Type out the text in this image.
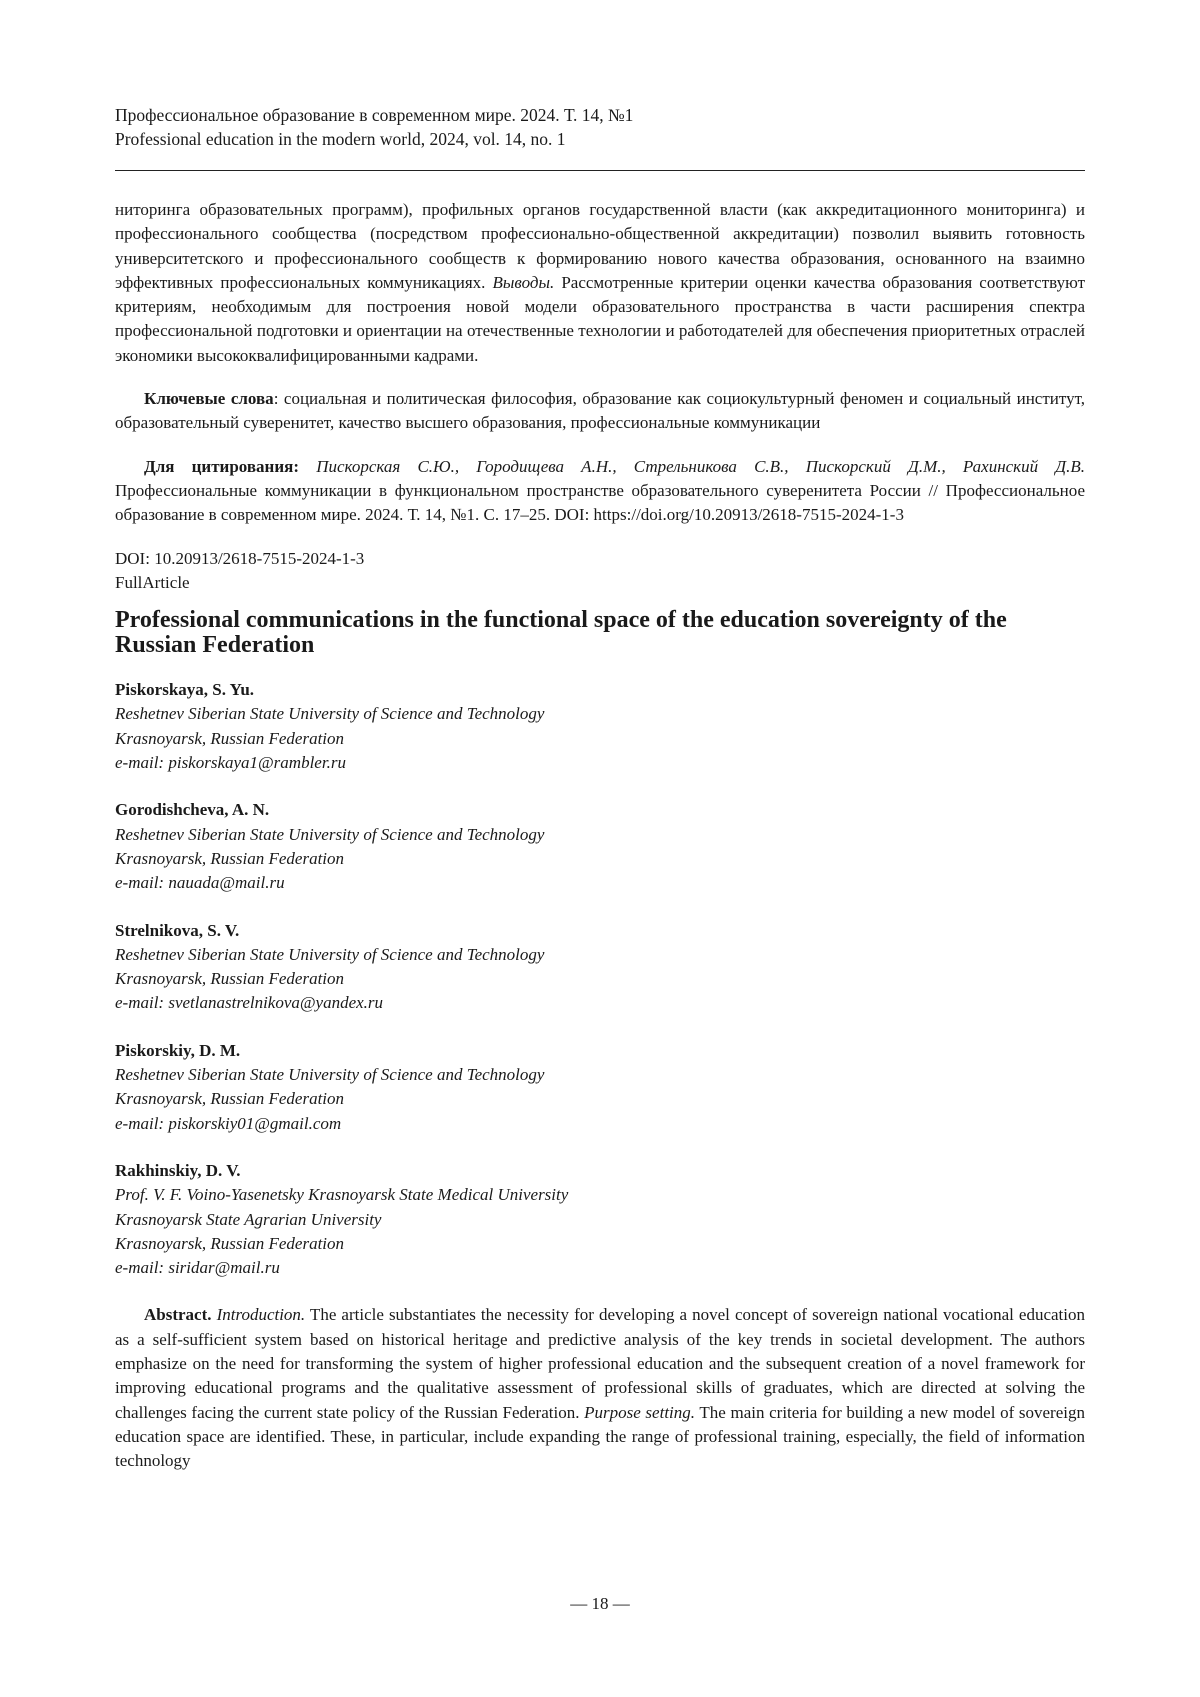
Профессиональное образование в современном мире. 2024. Т. 14, №1
Professional education in the modern world, 2024, vol. 14, no. 1

ниторинга образовательных программ), профильных органов государственной власти (как аккредитационного мониторинга) и профессионального сообщества (посредством профессионально-общественной аккредитации) позволил выявить готовность университетского и профессионального сообществ к формированию нового качества образования, основанного на взаимно эффективных профессиональных коммуникациях. Выводы. Рассмотренные критерии оценки качества образования соответствуют критериям, необходимым для построения новой модели образовательного пространства в части расширения спектра профессиональной подготовки и ориентации на отечественные технологии и работодателей для обеспечения приоритетных отраслей экономики высококвалифицированными кадрами.

Ключевые слова: социальная и политическая философия, образование как социокультурный феномен и социальный институт, образовательный суверенитет, качество высшего образования, профессиональные коммуникации

Для цитирования: Пискорская С.Ю., Городищева А.Н., Стрельникова С.В., Пискорский Д.М., Рахинский Д.В. Профессиональные коммуникации в функциональном пространстве образовательного суверенитета России // Профессиональное образование в современном мире. 2024. Т. 14, №1. С. 17–25. DOI: https://doi.org/10.20913/2618-7515-2024-1-3

DOI: 10.20913/2618-7515-2024-1-3
FullArticle
Professional communications in the functional space of the education sovereignty of the Russian Federation
Piskorskaya, S. Yu.
Reshetnev Siberian State University of Science and Technology
Krasnoyarsk, Russian Federation
e-mail: piskorskaya1@rambler.ru
Gorodishcheva, A. N.
Reshetnev Siberian State University of Science and Technology
Krasnoyarsk, Russian Federation
e-mail: nauada@mail.ru
Strelnikova, S. V.
Reshetnev Siberian State University of Science and Technology
Krasnoyarsk, Russian Federation
e-mail: svetlanastrelnikova@yandex.ru
Piskorskiy, D. M.
Reshetnev Siberian State University of Science and Technology
Krasnoyarsk, Russian Federation
e-mail: piskorskiy01@gmail.com
Rakhinskiy, D. V.
Prof. V. F. Voino-Yasenetsky Krasnoyarsk State Medical University
Krasnoyarsk State Agrarian University
Krasnoyarsk, Russian Federation
e-mail: siridar@mail.ru

Abstract. Introduction. The article substantiates the necessity for developing a novel concept of sovereign national vocational education as a self-sufficient system based on historical heritage and predictive analysis of the key trends in societal development. The authors emphasize on the need for transforming the system of higher professional education and the subsequent creation of a novel framework for improving educational programs and the qualitative assessment of professional skills of graduates, which are directed at solving the challenges facing the current state policy of the Russian Federation. Purpose setting. The main criteria for building a new model of sovereign education space are identified. These, in particular, include expanding the range of professional training, especially, the field of information technology

— 18 —
